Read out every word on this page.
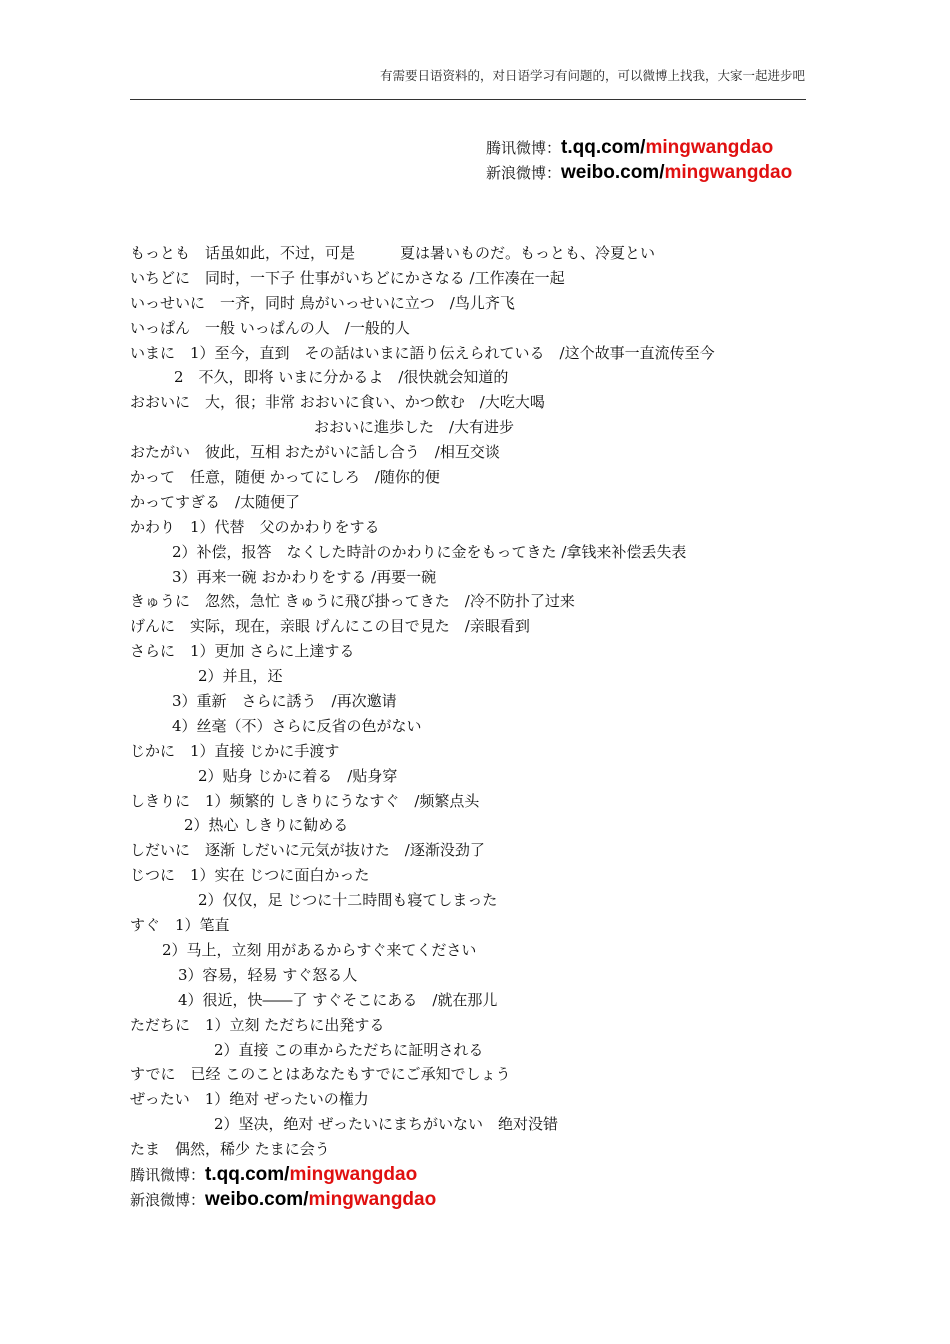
有需要日语资料的，对日语学习有问题的，可以微博上找我，大家一起进步吧
腾讯微博：t.qq.com/mingwangdao
新浪微博：weibo.com/mingwangdao
もっとも　话虽如此，不过，可是　　　夏は暑いものだ。もっとも、冷夏とい
いちどに　同时，一下子 仕事がいちどにかさなる /工作凑在一起
いっせいに　一齐，同时 鳥がいっせいに立つ　/鸟儿齐飞
いっぱん　一般 いっぱんの人　/一般的人
いまに　1）至今，直到　その話はいまに語り伝えられている　/这个故事一直流传至今
2　不久，即将 いまに分かるよ　/很快就会知道的
おおいに　大，很；非常 おおいに食い、かつ飲む　/大吃大喝
おおいに進歩した　/大有进步
おたがい　彼此，互相 おたがいに話し合う　/相互交谈
かって　任意，随便 かってにしろ　/随你的便
かってすぎる　/太随便了
かわり　1）代替　父のかわりをする
2）补偿，报答　なくした時計のかわりに金をもってきた /拿钱来补偿丢失表
3）再来一碗 おかわりをする /再要一碗
きゅうに　忽然，急忙 きゅうに飛び掛ってきた　/冷不防扑了过来
げんに　实际，现在，亲眼 げんにこの目で見た　/亲眼看到
さらに　1）更加 さらに上達する
2）并且，还
3）重新　さらに誘う　/再次邀请
4）丝毫（不）さらに反省の色がない
じかに　1）直接 じかに手渡す
2）贴身 じかに着る　/贴身穿
しきりに　1）频繁的 しきりにうなすぐ　/频繁点头
2）热心 しきりに勧める
しだいに　逐渐 しだいに元気が抜けた　/逐渐没劲了
じつに　1）实在 じつに面白かった
2）仅仅，足 じつに十二時間も寝てしまった
すぐ　1）笔直
2）马上，立刻 用があるからすぐ来てください
3）容易，轻易 すぐ怒る人
4）很近，快――了 すぐそこにある　/就在那儿
ただちに　1）立刻 ただちに出発する
2）直接 この車からただちに証明される
すでに　已经 このことはあなたもすでにご承知でしょう
ぜったい　1）绝对 ぜったいの権力
2）坚决，绝对 ぜったいにまちがいない　绝对没错
たま　偶然，稀少 たまに会う
腾讯微博：t.qq.com/mingwangdao
新浪微博：weibo.com/mingwangdao
